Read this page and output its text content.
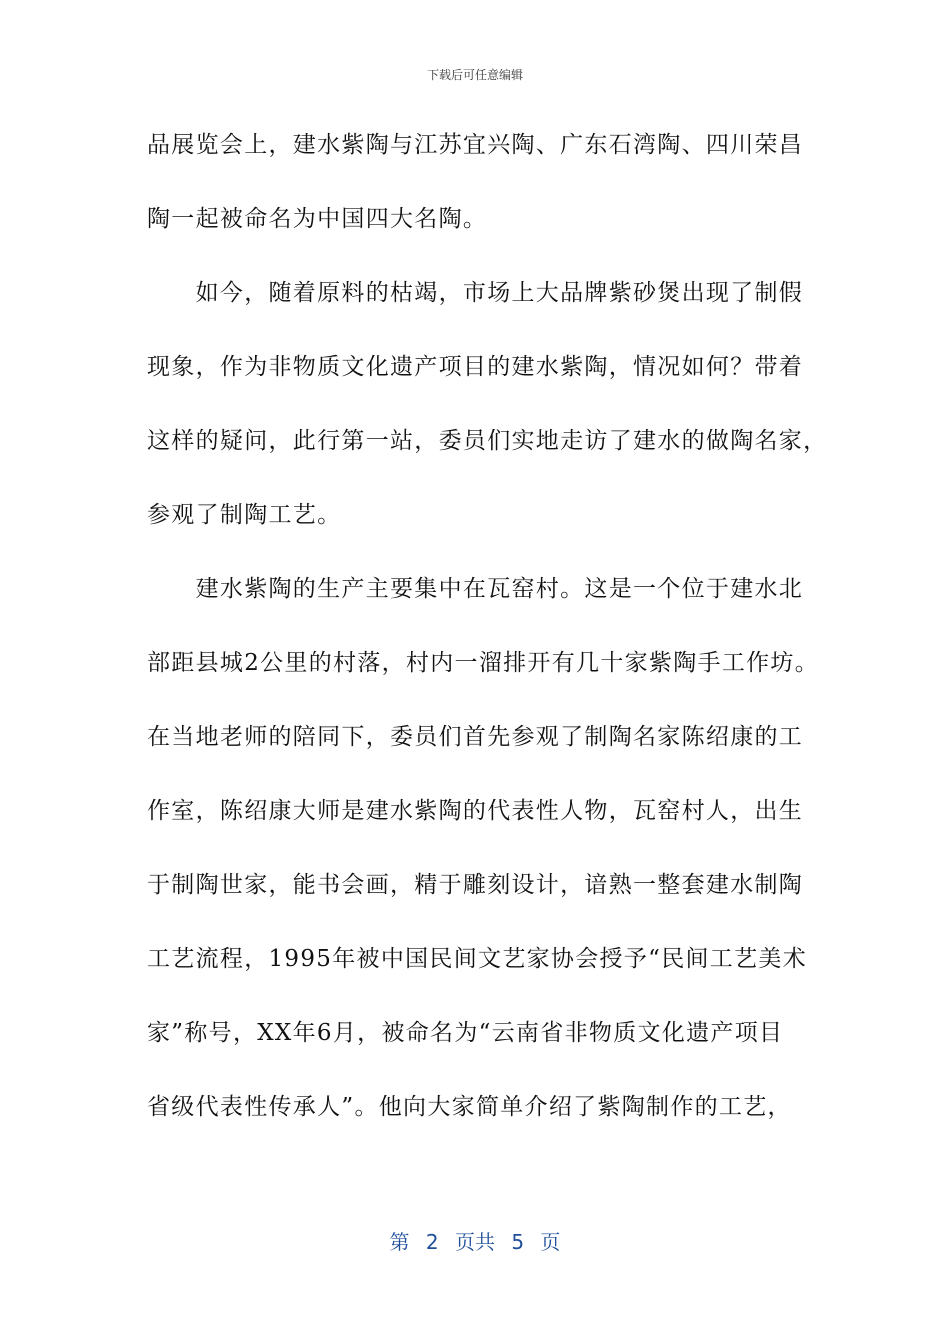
下载后可任意编辑
品展览会上，建水紫陶与江苏宜兴陶、广东石湾陶、四川荣昌
陶一起被命名为中国四大名陶。
　　如今，随着原料的枯竭，市场上大品牌紫砂煲出现了制假
现象，作为非物质文化遗产项目的建水紫陶，情况如何？带着
这样的疑问，此行第一站，委员们实地走访了建水的做陶名家，
参观了制陶工艺。
　　建水紫陶的生产主要集中在瓦窑村。这是一个位于建水北
部距县城2公里的村落，村内一溜排开有几十家紫陶手工作坊。
在当地老师的陪同下，委员们首先参观了制陶名家陈绍康的工
作室，陈绍康大师是建水紫陶的代表性人物，瓦窑村人，出生
于制陶世家，能书会画，精于雕刻设计，谙熟一整套建水制陶
工艺流程，1995年被中国民间文艺家协会授予“民间工艺美术
家”称号，XX年6月，被命名为“云南省非物质文化遗产项目
省级代表性传承人”。他向大家简单介绍了紫陶制作的工艺，
第 2 页共 5 页
